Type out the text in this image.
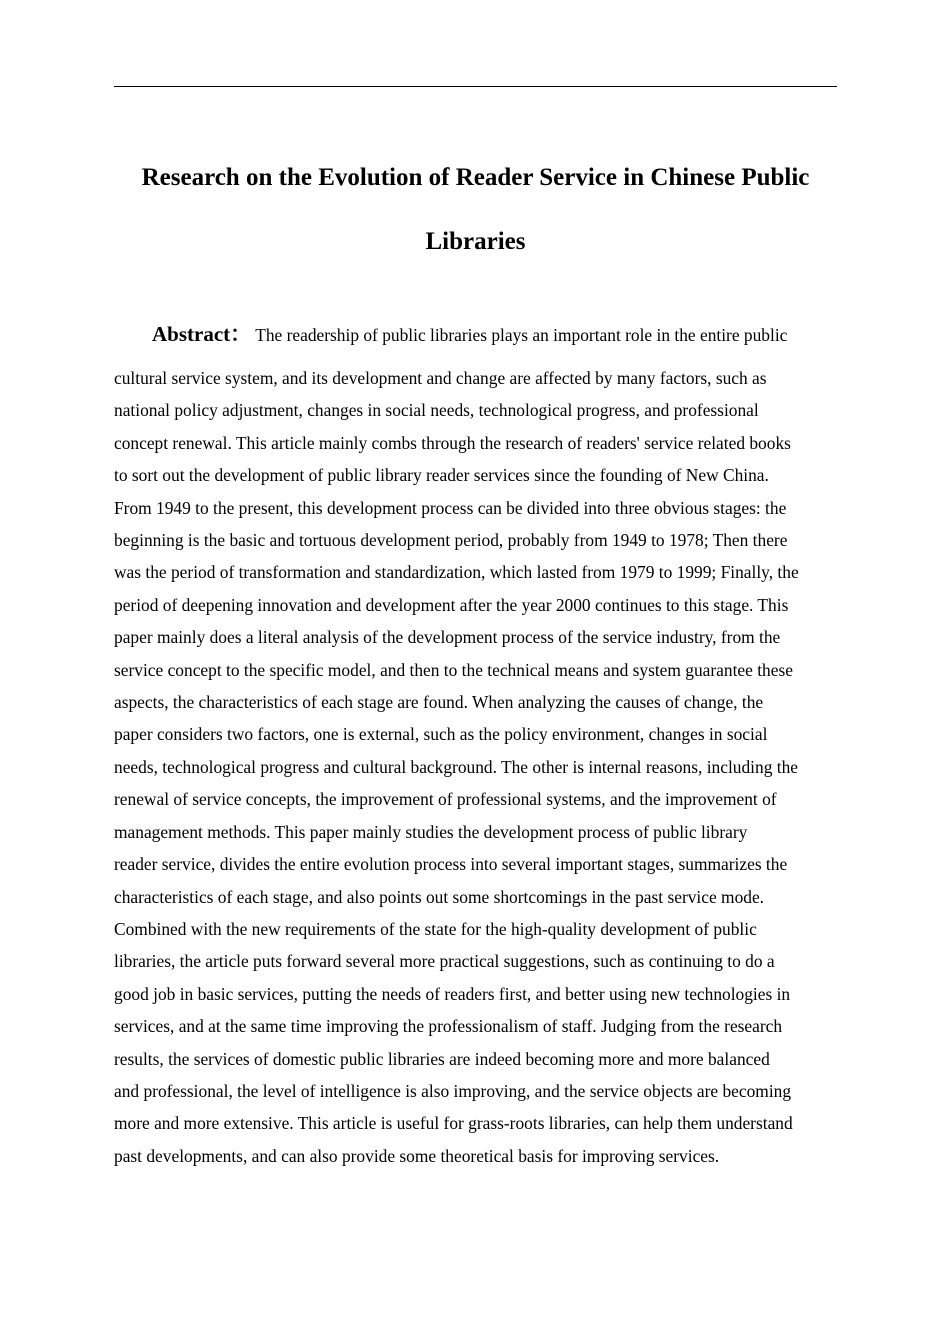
Research on the Evolution of Reader Service in Chinese Public
Libraries
Abstract： The readership of public libraries plays an important role in the entire public
cultural service system, and its development and change are affected by many factors, such as
national policy adjustment, changes in social needs, technological progress, and professional
concept renewal. This article mainly combs through the research of readers' service related books
to sort out the development of public library reader services since the founding of New China.
From 1949 to the present, this development process can be divided into three obvious stages: the
beginning is the basic and tortuous development period, probably from 1949 to 1978; Then there
was the period of transformation and standardization, which lasted from 1979 to 1999; Finally, the
period of deepening innovation and development after the year 2000 continues to this stage. This
paper mainly does a literal analysis of the development process of the service industry, from the
service concept to the specific model, and then to the technical means and system guarantee these
aspects, the characteristics of each stage are found. When analyzing the causes of change, the
paper considers two factors, one is external, such as the policy environment, changes in social
needs, technological progress and cultural background. The other is internal reasons, including the
renewal of service concepts, the improvement of professional systems, and the improvement of
management methods. This paper mainly studies the development process of public library
reader service, divides the entire evolution process into several important stages, summarizes the
characteristics of each stage, and also points out some shortcomings in the past service mode.
Combined with the new requirements of the state for the high-quality development of public
libraries, the article puts forward several more practical suggestions, such as continuing to do a
good job in basic services, putting the needs of readers first, and better using new technologies in
services, and at the same time improving the professionalism of staff. Judging from the research
results, the services of domestic public libraries are indeed becoming more and more balanced
and professional, the level of intelligence is also improving, and the service objects are becoming
more and more extensive. This article is useful for grass-roots libraries, can help them understand
past developments, and can also provide some theoretical basis for improving services.
